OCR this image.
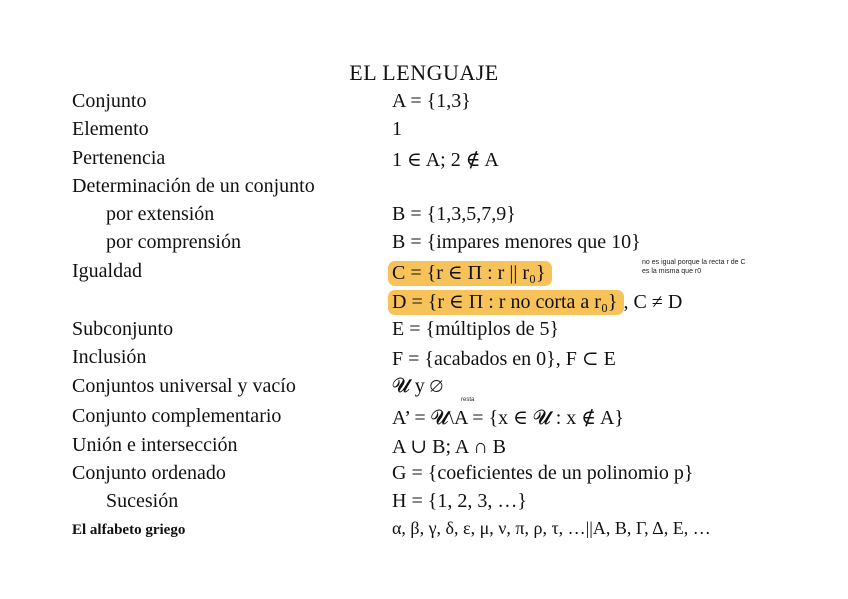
EL LENGUAJE
Conjunto	A = {1,3}
Elemento	1
Pertenencia	1 ∈ A; 2 ∉ A
Determinación de un conjunto
por extensión	B = {1,3,5,7,9}
por comprensión	B = {impares menores que 10}
Igualdad	C = {r ∈ Π : r || r₀}	no es igual porque la recta r de C es la misma que r0
D = {r ∈ Π : r no corta a r₀} , C ≠ D
Subconjunto	E = {múltiplos de 5}
Inclusión	F = {acabados en 0}, F ⊂ E
Conjuntos universal y vacío	𝓤 y ∅
resta
Conjunto complementario	A’ = 𝓤\A = {x ∈ 𝓤 : x ∉ A}
Unión e intersección	A ∪ B; A ∩ B
Conjunto ordenado	G = {coeficientes de un polinomio p}
Sucesión	H = {1, 2, 3, …}
El alfabeto griego	α, β, γ, δ, ε, μ, ν, π, ρ, τ, …||Α, Β, Γ, Δ, Ε, …
